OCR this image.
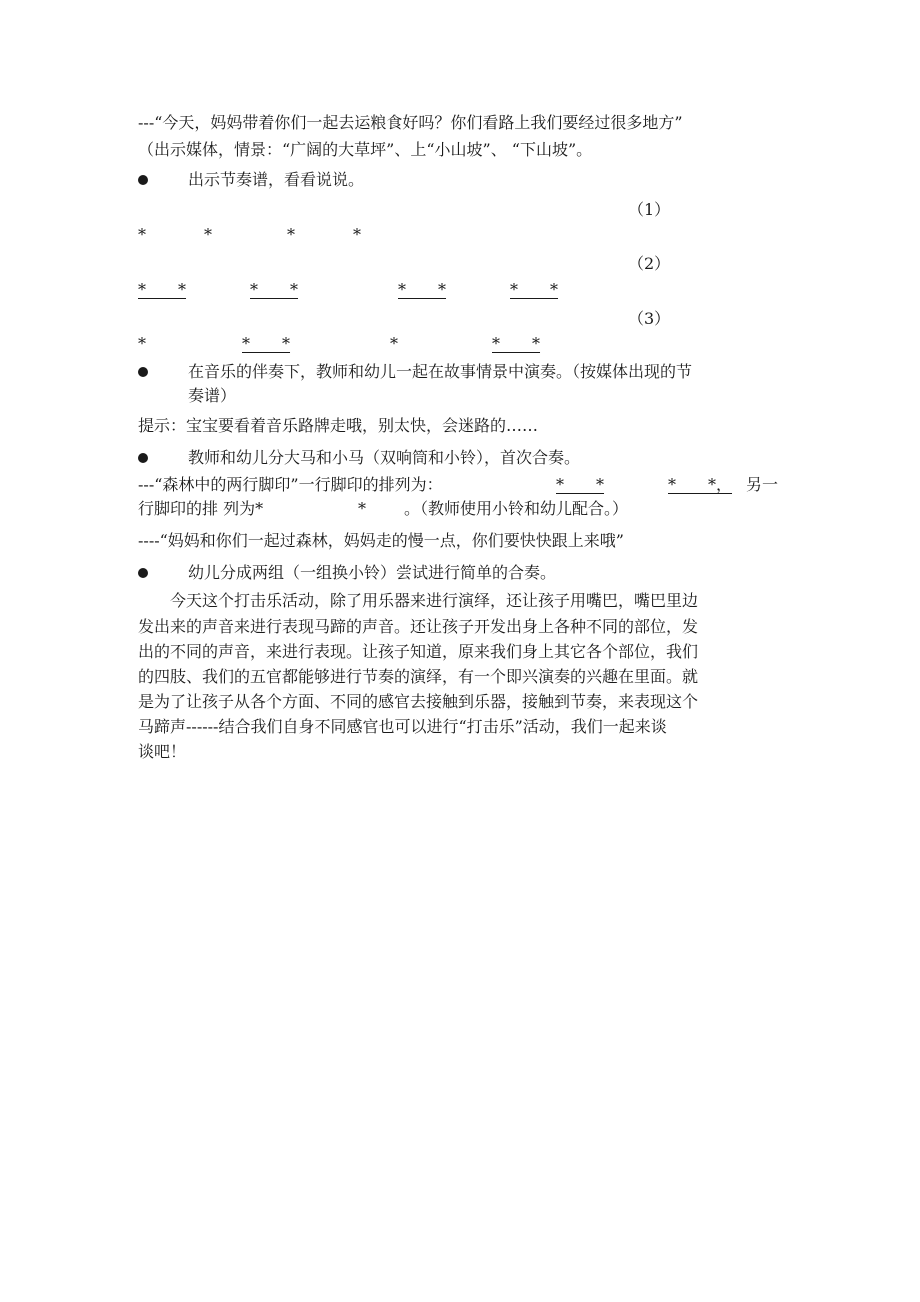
---“今天，妈妈带着你们一起去运粮食好吗？你们看路上我们要经过很多地方”
（出示媒体，情景：“广阔的大草坪”、上“小山坡”、 “下山坡”。
出示节奏谱，看看说说。
（1）
*	*	*	*
（2）
*　　*	*　　*	*　　*	*　　*
（3）
*	*　　*	*	*　　*
在音乐的伴奏下，教师和幼儿一起在故事情景中演奏。（按媒体出现的节
奏谱）
提示：宝宝要看着音乐路牌走哦，别太快，会迷路的……
教师和幼儿分大马和小马（双响筒和小铃），首次合奏。
---“森林中的两行脚印”一行脚印的排列为：	*　　*	*　　*， 另一
行脚印的排 列为*	* 。（教师使用小铃和幼儿配合。）
----“妈妈和你们一起过森林，妈妈走的慢一点，你们要快快跟上来哦”
幼儿分成两组（一组换小铃）尝试进行简单的合奏。
　　今天这个打击乐活动，除了用乐器来进行演绎，还让孩子用嘴巴，嘴巴里边
发出来的声音来进行表现马蹄的声音。还让孩子开发出身上各种不同的部位，发
出的不同的声音，来进行表现。让孩子知道，原来我们身上其它各个部位，我们
的四肢、我们的五官都能够进行节奏的演绎，有一个即兴演奏的兴趣在里面。就
是为了让孩子从各个方面、不同的感官去接触到乐器，接触到节奏，来表现这个
马蹄声------结合我们自身不同感官也可以进行“打击乐”活动，我们一起来谈
谈吧！
